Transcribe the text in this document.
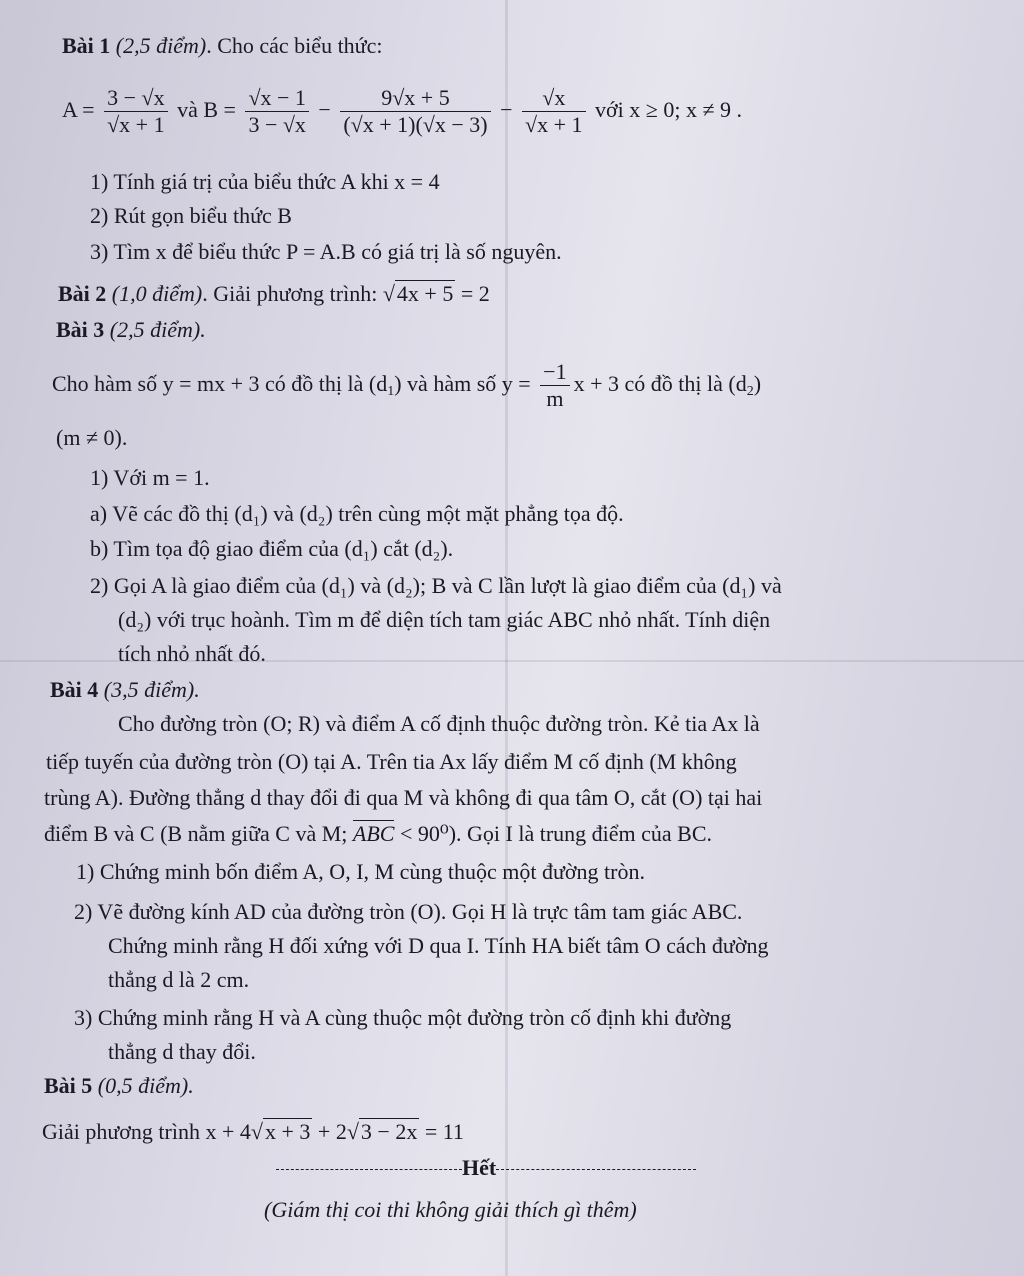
Bài 1 (2,5 điểm). Cho các biểu thức:
$A = \frac{3 - √x}{√x + 1}$ và $B = \frac{√x - 1}{3 - √x} - \frac{9√x + 5}{(√x + 1)(√x - 3)} - \frac{√x}{√x + 1}$ với x ≥ 0; x ≠ 9 .
1) Tính giá trị của biểu thức A khi x = 4
2) Rút gọn biểu thức B
3) Tìm x để biểu thức P = A.B có giá trị là số nguyên.
Bài 2 (1,0 điểm). Giải phương trình: √4x + 5 = 2
Bài 3 (2,5 điểm).
Cho hàm số y = mx + 3 có đồ thị là $(d_1)$ và hàm số $y = \frac{-1}{m}$ x + 3 có đồ thị là $(d_2)$
(m ≠ 0).
1) Với m = 1.
a) Vẽ các đồ thị (d₁) và (d₂) trên cùng một mặt phẳng tọa độ.
b) Tìm tọa độ giao điểm của (d₁) cắt (d₂).
2) Gọi A là giao điểm của (d₁) và (d₂); B và C lần lượt là giao điểm của (d₁) và
(d₂) với trục hoành. Tìm m để diện tích tam giác ABC nhỏ nhất. Tính diện
tích nhỏ nhất đó.
Bài 4 (3,5 điểm).
Cho đường tròn (O; R) và điểm A cố định thuộc đường tròn. Kẻ tia Ax là
tiếp tuyến của đường tròn (O) tại A. Trên tia Ax lấy điểm M cố định (M không
trùng A). Đường thẳng d thay đổi đi qua M và không đi qua tâm O, cắt (O) tại hai
điểm B và C (B nằm giữa C và M; ABC < 90⁰). Gọi I là trung điểm của BC.
1) Chứng minh bốn điểm A, O, I, M cùng thuộc một đường tròn.
2) Vẽ đường kính AD của đường tròn (O). Gọi H là trực tâm tam giác ABC.
Chứng minh rằng H đối xứng với D qua I. Tính HA biết tâm O cách đường
thẳng d là 2 cm.
3) Chứng minh rằng H và A cùng thuộc một đường tròn cố định khi đường
thẳng d thay đổi.
Bài 5 (0,5 điểm).
Giải phương trình x + 4√x + 3 + 2√3 − 2x = 11
Hết
(Giám thị coi thi không giải thích gì thêm)
